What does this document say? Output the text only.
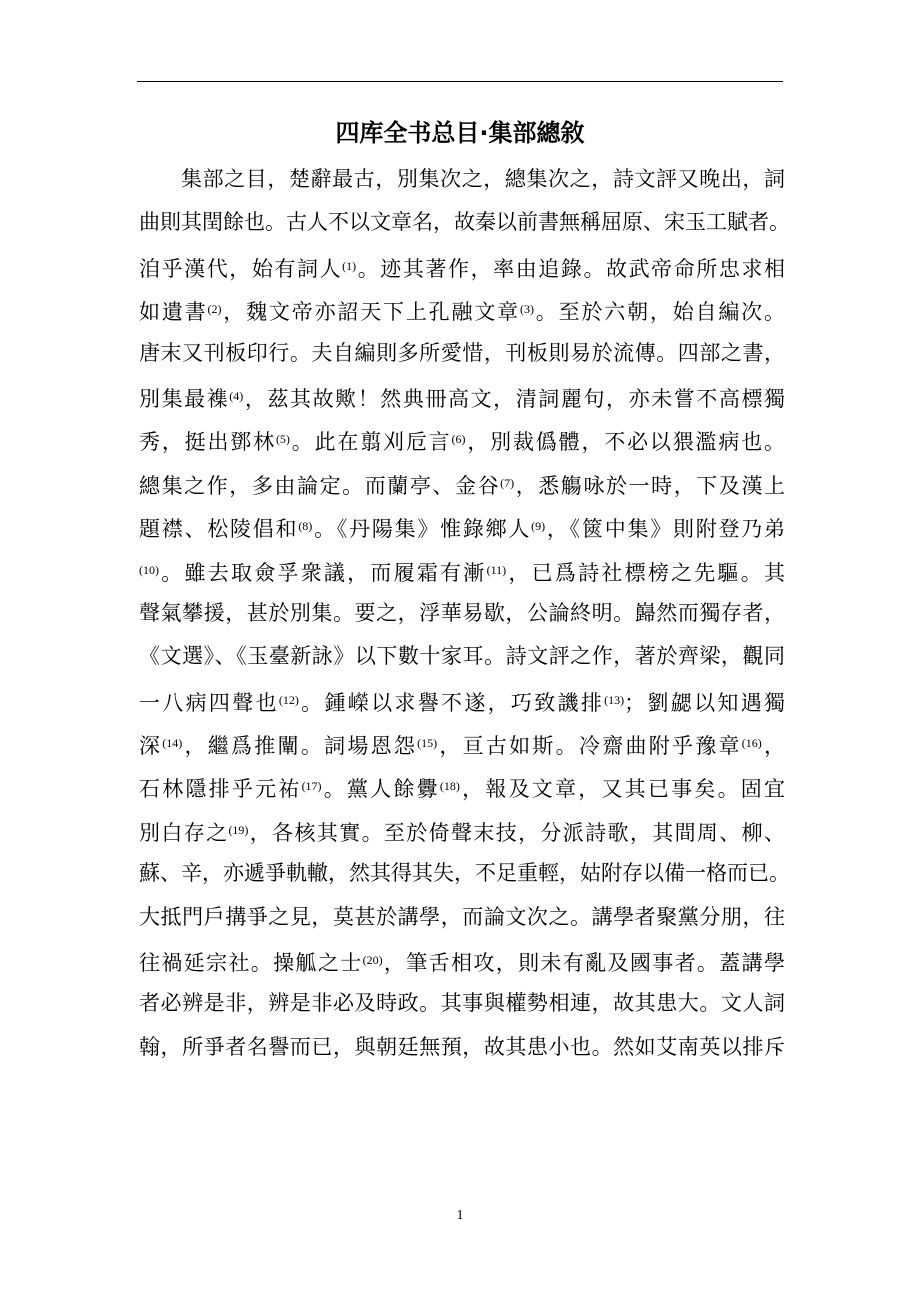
四库全书总目·集部總敘
集部之目，楚辭最古，別集次之，總集次之，詩文評又晚出，詞
曲則其閏餘也。古人不以文章名，故秦以前書無稱屈原、宋玉工賦者。
洎乎漢代，始有詞人$^{(1)}$。迹其著作，率由追錄。故武帝命所忠求相
如遺書$^{(2)}$，魏文帝亦詔天下上孔融文章$^{(3)}$。至於六朝，始自編次。
唐末又刊板印行。夫自編則多所愛惜，刊板則易於流傳。四部之書，
別集最襍$^{(4)}$，茲其故歟！然典冊高文，清詞麗句，亦未嘗不高標獨
秀，挺出鄧林$^{(5)}$。此在翦刈卮言$^{(6)}$，別裁僞體，不必以猥濫病也。
總集之作，多由論定。而蘭亭、金谷$^{(7)}$，悉觴咏於一時，下及漢上
題襟、松陵倡和$^{(8)}$。《丹陽集》惟錄鄉人$^{(9)}$，《篋中集》則附登乃弟
$^{(10)}$。雖去取僉孚衆議，而履霜有漸$^{(11)}$，已爲詩社標榜之先驅。其
聲氣攀援，甚於別集。要之，浮華易歇，公論終明。巋然而獨存者，
《文選》、《玉臺新詠》以下數十家耳。詩文評之作，著於齊梁，觀同
一八病四聲也$^{(12)}$。鍾嶸以求譽不遂，巧致譏排$^{(13)}$；劉勰以知遇獨
深$^{(14)}$，繼爲推闡。詞場恩怨$^{(15)}$，亘古如斯。冷齋曲附乎豫章$^{(16)}$，
石林隱排乎元祐$^{(17)}$。黨人餘釁$^{(18)}$，報及文章，又其已事矣。固宜
別白存之$^{(19)}$，各核其實。至於倚聲末技，分派詩歌，其間周、柳、
蘇、辛，亦遞爭軌轍，然其得其失，不足重輕，姑附存以備一格而已。
大抵門戶搆爭之見，莫甚於講學，而論文次之。講學者聚黨分朋，往
往禍延宗社。操觚之士$^{(20)}$，筆舌相攻，則未有亂及國事者。蓋講學
者必辨是非，辨是非必及時政。其事與權勢相連，故其患大。文人詞
翰，所爭者名譽而已，與朝廷無預，故其患小也。然如艾南英以排斥
1
